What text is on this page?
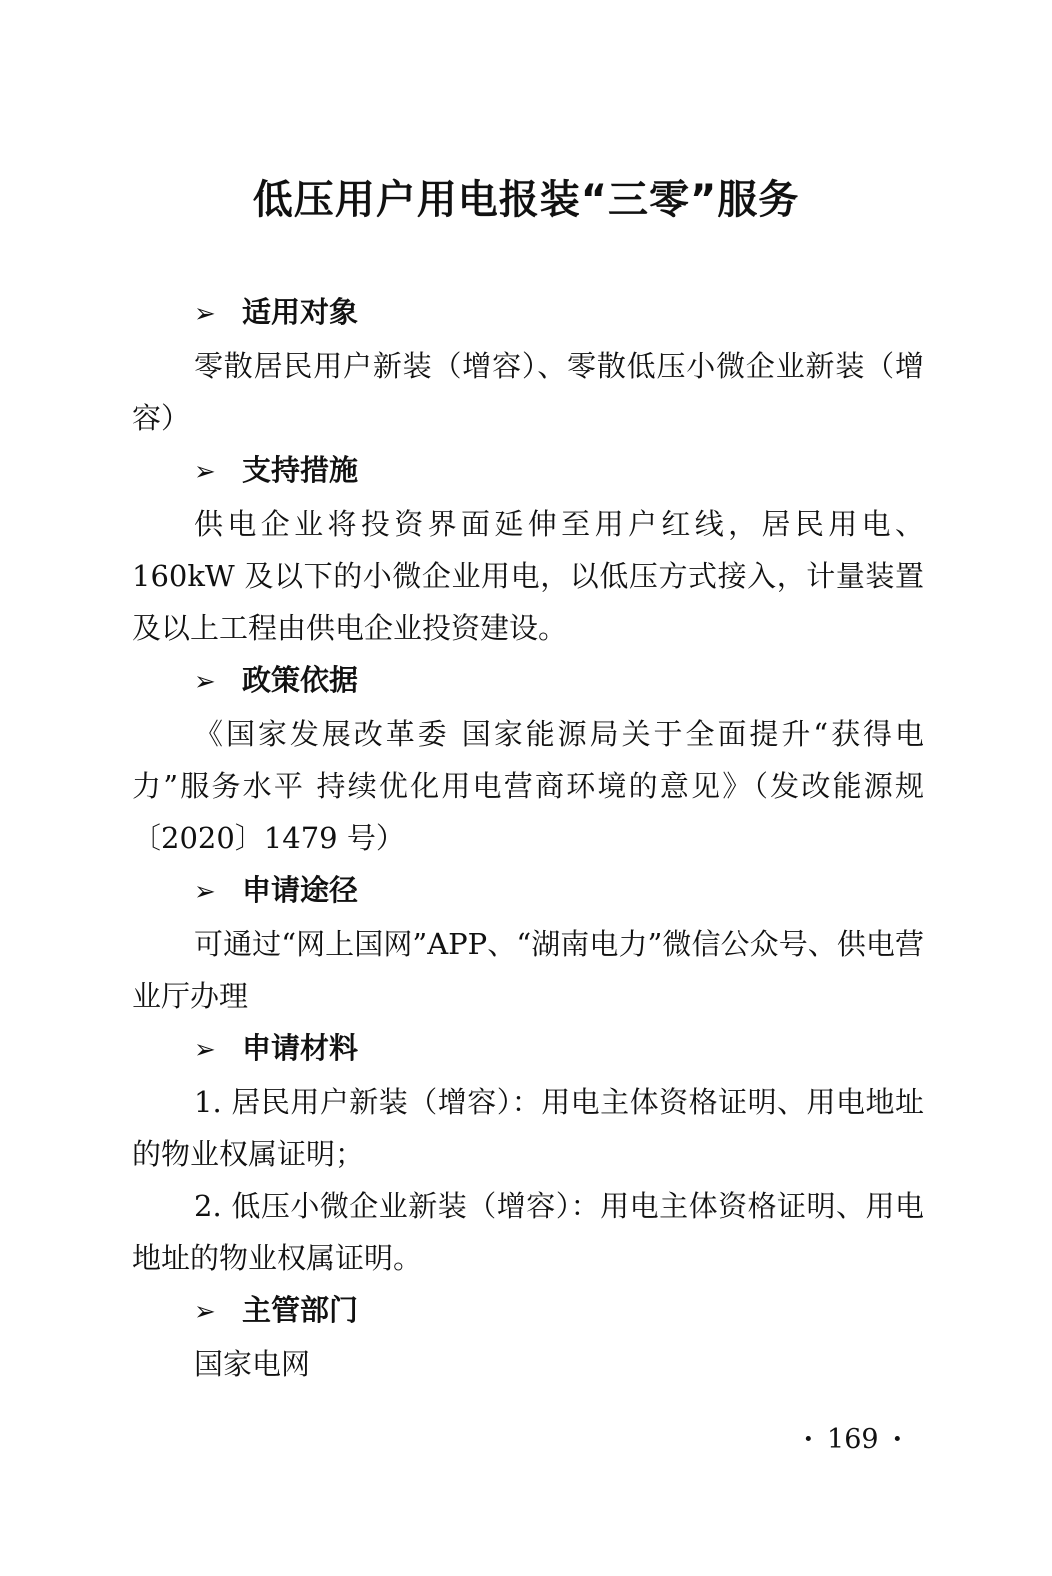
低压用户用电报装“三零”服务

➢ 适用对象

零散居民用户新装（增容）、零散低压小微企业新装（增容）

➢ 支持措施

供电企业将投资界面延伸至用户红线，居民用电、160kW 及以下的小微企业用电，以低压方式接入，计量装置及以上工程由供电企业投资建设。

➢ 政策依据

《国家发展改革委 国家能源局关于全面提升“获得电力”服务水平 持续优化用电营商环境的意见》（发改能源规〔2020〕1479 号）

➢ 申请途径

可通过“网上国网”APP、“湖南电力”微信公众号、供电营业厅办理

➢ 申请材料

1. 居民用户新装（增容）：用电主体资格证明、用电地址的物业权属证明；

2. 低压小微企业新装（增容）：用电主体资格证明、用电地址的物业权属证明。

➢ 主管部门

国家电网

· 169 ·
